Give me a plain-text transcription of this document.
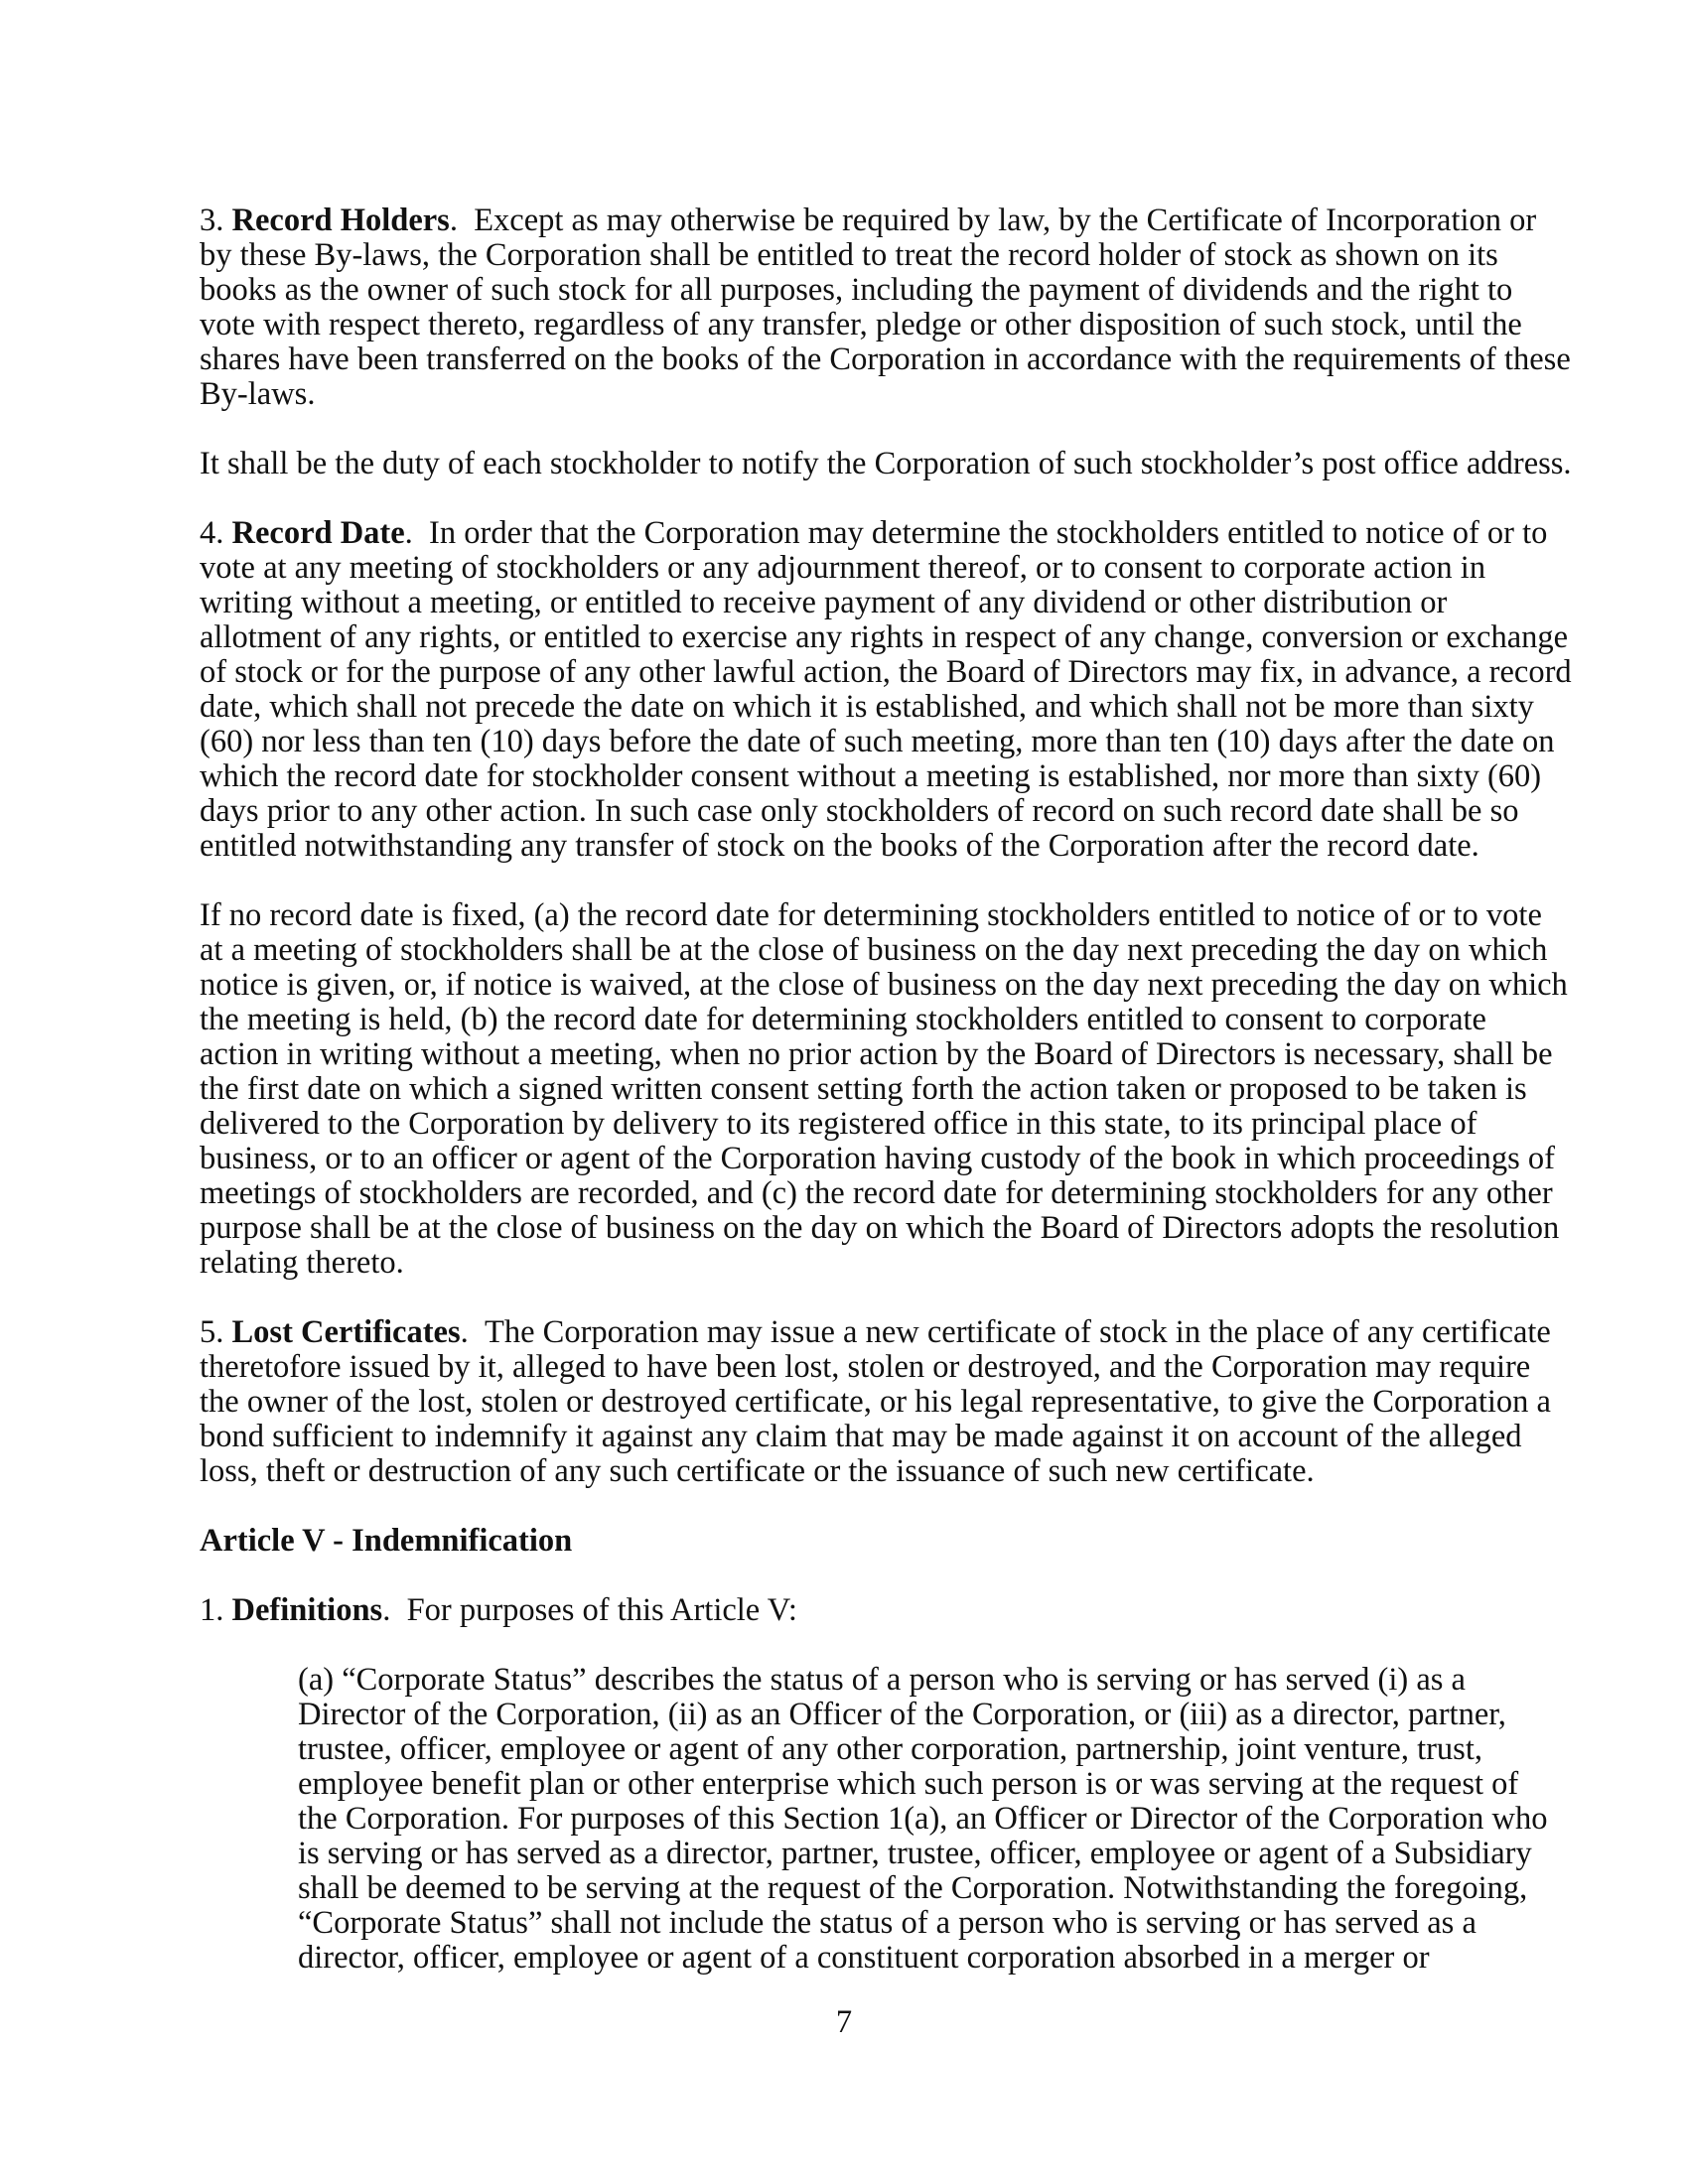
3. Record Holders.  Except as may otherwise be required by law, by the Certificate of Incorporation or
by these By-laws, the Corporation shall be entitled to treat the record holder of stock as shown on its
books as the owner of such stock for all purposes, including the payment of dividends and the right to
vote with respect thereto, regardless of any transfer, pledge or other disposition of such stock, until the
shares have been transferred on the books of the Corporation in accordance with the requirements of these
By-laws.
It shall be the duty of each stockholder to notify the Corporation of such stockholder’s post office address.
4. Record Date.  In order that the Corporation may determine the stockholders entitled to notice of or to
vote at any meeting of stockholders or any adjournment thereof, or to consent to corporate action in
writing without a meeting, or entitled to receive payment of any dividend or other distribution or
allotment of any rights, or entitled to exercise any rights in respect of any change, conversion or exchange
of stock or for the purpose of any other lawful action, the Board of Directors may fix, in advance, a record
date, which shall not precede the date on which it is established, and which shall not be more than sixty
(60) nor less than ten (10) days before the date of such meeting, more than ten (10) days after the date on
which the record date for stockholder consent without a meeting is established, nor more than sixty (60)
days prior to any other action. In such case only stockholders of record on such record date shall be so
entitled notwithstanding any transfer of stock on the books of the Corporation after the record date.
If no record date is fixed, (a) the record date for determining stockholders entitled to notice of or to vote
at a meeting of stockholders shall be at the close of business on the day next preceding the day on which
notice is given, or, if notice is waived, at the close of business on the day next preceding the day on which
the meeting is held, (b) the record date for determining stockholders entitled to consent to corporate
action in writing without a meeting, when no prior action by the Board of Directors is necessary, shall be
the first date on which a signed written consent setting forth the action taken or proposed to be taken is
delivered to the Corporation by delivery to its registered office in this state, to its principal place of
business, or to an officer or agent of the Corporation having custody of the book in which proceedings of
meetings of stockholders are recorded, and (c) the record date for determining stockholders for any other
purpose shall be at the close of business on the day on which the Board of Directors adopts the resolution
relating thereto.
5. Lost Certificates.  The Corporation may issue a new certificate of stock in the place of any certificate
theretofore issued by it, alleged to have been lost, stolen or destroyed, and the Corporation may require
the owner of the lost, stolen or destroyed certificate, or his legal representative, to give the Corporation a
bond sufficient to indemnify it against any claim that may be made against it on account of the alleged
loss, theft or destruction of any such certificate or the issuance of such new certificate.
Article V - Indemnification
1. Definitions.  For purposes of this Article V:
(a) “Corporate Status” describes the status of a person who is serving or has served (i) as a
Director of the Corporation, (ii) as an Officer of the Corporation, or (iii) as a director, partner,
trustee, officer, employee or agent of any other corporation, partnership, joint venture, trust,
employee benefit plan or other enterprise which such person is or was serving at the request of
the Corporation. For purposes of this Section 1(a), an Officer or Director of the Corporation who
is serving or has served as a director, partner, trustee, officer, employee or agent of a Subsidiary
shall be deemed to be serving at the request of the Corporation. Notwithstanding the foregoing,
“Corporate Status” shall not include the status of a person who is serving or has served as a
director, officer, employee or agent of a constituent corporation absorbed in a merger or
7
